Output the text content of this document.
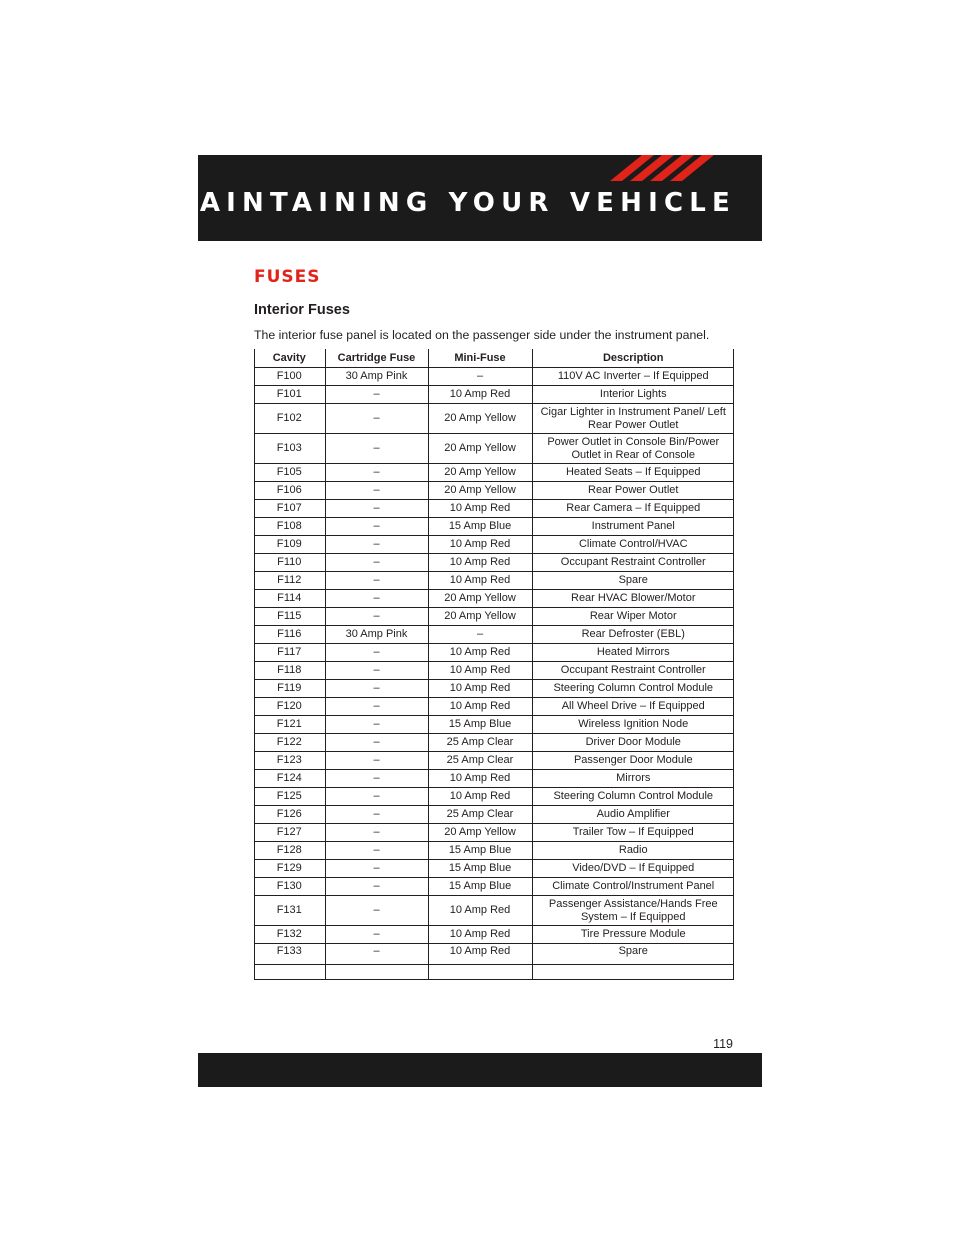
MAINTAINING YOUR VEHICLE
FUSES
Interior Fuses

The interior fuse panel is located on the passenger side under the instrument panel.

Cavity	Cartridge Fuse	Mini-Fuse	Description
F100	30 Amp Pink	–	110V AC Inverter – If Equipped
F101	–	10 Amp Red	Interior Lights
F102	–	20 Amp Yellow	Cigar Lighter in Instrument Panel/ Left Rear Power Outlet
F103	–	20 Amp Yellow	Power Outlet in Console Bin/Power Outlet in Rear of Console
F105	–	20 Amp Yellow	Heated Seats – If Equipped
F106	–	20 Amp Yellow	Rear Power Outlet
F107	–	10 Amp Red	Rear Camera – If Equipped
F108	–	15 Amp Blue	Instrument Panel
F109	–	10 Amp Red	Climate Control/HVAC
F110	–	10 Amp Red	Occupant Restraint Controller
F112	–	10 Amp Red	Spare
F114	–	20 Amp Yellow	Rear HVAC Blower/Motor
F115	–	20 Amp Yellow	Rear Wiper Motor
F116	30 Amp Pink	–	Rear Defroster (EBL)
F117	–	10 Amp Red	Heated Mirrors
F118	–	10 Amp Red	Occupant Restraint Controller
F119	–	10 Amp Red	Steering Column Control Module
F120	–	10 Amp Red	All Wheel Drive – If Equipped
F121	–	15 Amp Blue	Wireless Ignition Node
F122	–	25 Amp Clear	Driver Door Module
F123	–	25 Amp Clear	Passenger Door Module
F124	–	10 Amp Red	Mirrors
F125	–	10 Amp Red	Steering Column Control Module
F126	–	25 Amp Clear	Audio Amplifier
F127	–	20 Amp Yellow	Trailer Tow – If Equipped
F128	–	15 Amp Blue	Radio
F129	–	15 Amp Blue	Video/DVD – If Equipped
F130	–	15 Amp Blue	Climate Control/Instrument Panel
F131	–	10 Amp Red	Passenger Assistance/Hands Free System – If Equipped
F132	–	10 Amp Red	Tire Pressure Module
F133	–	10 Amp Red	Spare

119
